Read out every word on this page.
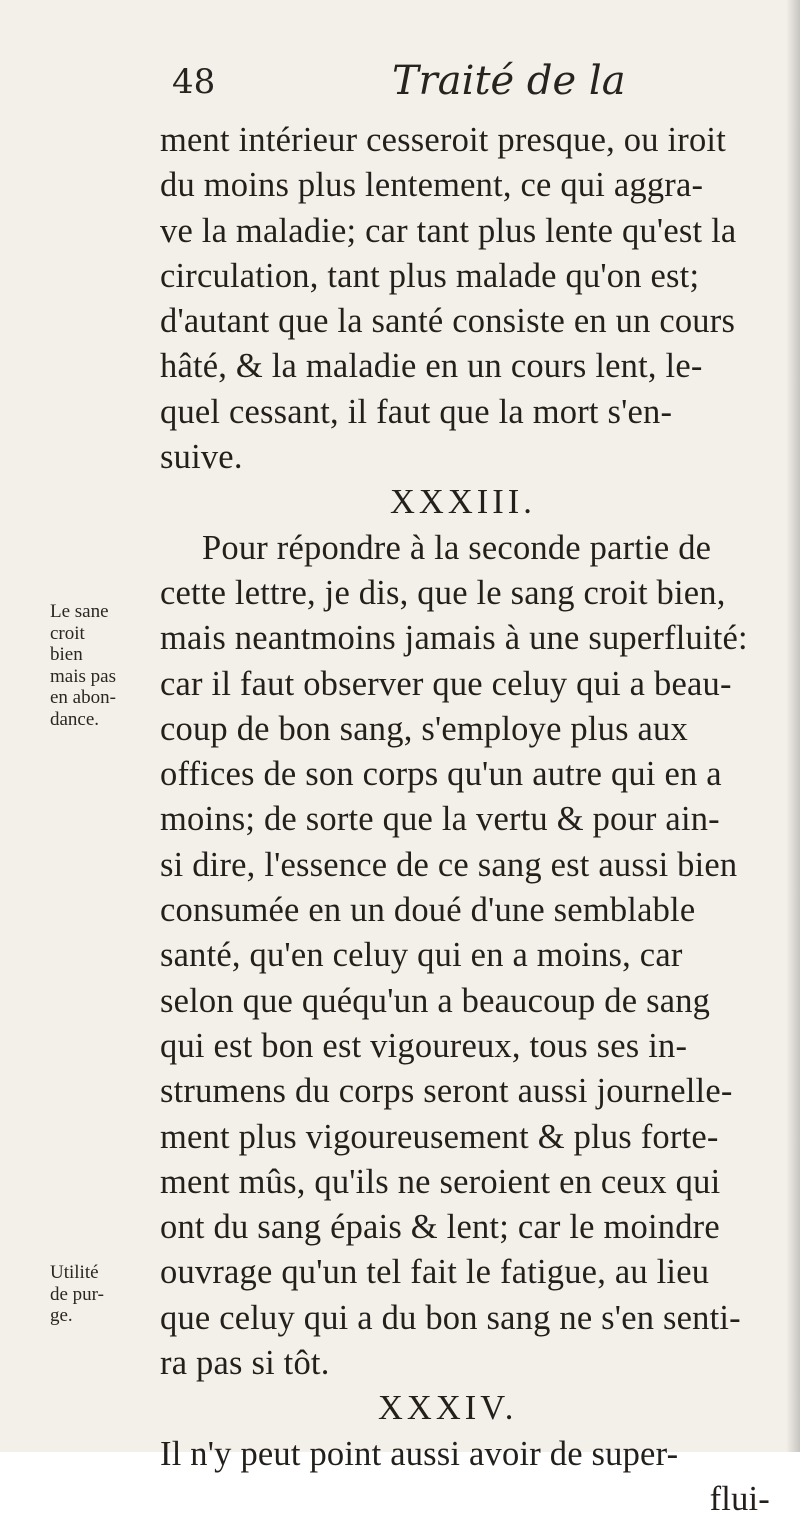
48	Traité de la
ment intérieur cesseroit presque, ou iroit
du moins plus lentement, ce qui aggra-
ve la maladie; car tant plus lente qu'est la
circulation, tant plus malade qu'on est;
d'autant que la santé consiste en un cours
hâté, & la maladie en un cours lent, le-
quel cessant, il faut que la mort s'en-
suive.
XXXIII.
Pour répondre à la seconde partie de
cette lettre, je dis, que le sang croit bien,
mais neantmoins jamais à une superfluité:
car il faut observer que celuy qui a beau-
coup de bon sang, s'employe plus aux
offices de son corps qu'un autre qui en a
moins; de sorte que la vertu & pour ain-
si dire, l'essence de ce sang est aussi bien
consumée en un doué d'une semblable
santé, qu'en celuy qui en a moins, car
selon que quéqu'un a beaucoup de sang
qui est bon est vigoureux, tous ses in-
strumens du corps seront aussi journelle-
ment plus vigoureusement & plus forte-
ment mûs, qu'ils ne seroient en ceux qui
ont du sang épais & lent; car le moindre
ouvrage qu'un tel fait le fatigue, au lieu
que celuy qui a du bon sang ne s'en senti-
ra pas si tôt.
XXXIV.
Il n'y peut point aussi avoir de super-
flui-
Le sane
croit
bien
mais pas
en abon-
dance.
Utilité
de pur-
ge.
